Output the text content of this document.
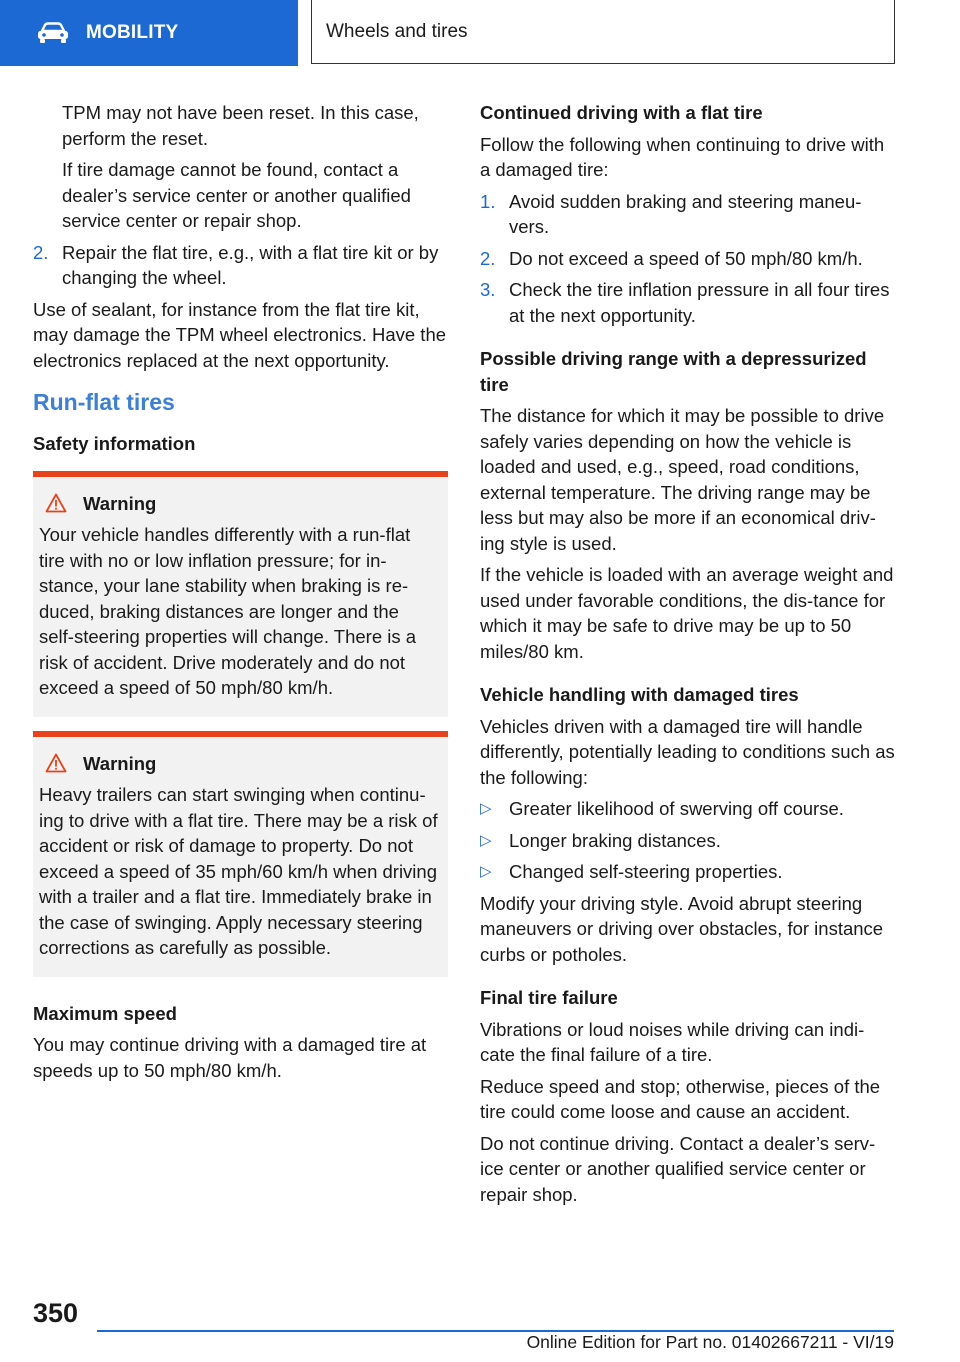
MOBILITY	Wheels and tires

TPM may not have been reset. In this case, perform the reset.

If tire damage cannot be found, contact a dealer’s service center or another qualified service center or repair shop.

2. Repair the flat tire, e.g., with a flat tire kit or by changing the wheel.

Use of sealant, for instance from the flat tire kit, may damage the TPM wheel electronics. Have the electronics replaced at the next opportunity.

Run-flat tires
Safety information
Warning

Your vehicle handles differently with a run-flat tire with no or low inflation pressure; for in-stance, your lane stability when braking is re-duced, braking distances are longer and the self-steering properties will change. There is a risk of accident. Drive moderately and do not exceed a speed of 50 mph/80 km/h.

Warning

Heavy trailers can start swinging when continu-ing to drive with a flat tire. There may be a risk of accident or risk of damage to property. Do not exceed a speed of 35 mph/60 km/h when driving with a trailer and a flat tire. Immediately brake in the case of swinging. Apply necessary steering corrections as carefully as possible.

Maximum speed

You may continue driving with a damaged tire at speeds up to 50 mph/80 km/h.

Continued driving with a flat tire

Follow the following when continuing to drive with a damaged tire:

1. Avoid sudden braking and steering maneu-vers.
2. Do not exceed a speed of 50 mph/80 km/h.
3. Check the tire inflation pressure in all four tires at the next opportunity.
Possible driving range with a depressurized tire

The distance for which it may be possible to drive safely varies depending on how the vehicle is loaded and used, e.g., speed, road conditions, external temperature. The driving range may be less but may also be more if an economical driv-ing style is used.

If the vehicle is loaded with an average weight and used under favorable conditions, the dis-tance for which it may be safe to drive may be up to 50 miles/80 km.

Vehicle handling with damaged tires

Vehicles driven with a damaged tire will handle differently, potentially leading to conditions such as the following:

▷ Greater likelihood of swerving off course.
▷ Longer braking distances.
▷ Changed self-steering properties.

Modify your driving style. Avoid abrupt steering maneuvers or driving over obstacles, for instance curbs or potholes.

Final tire failure

Vibrations or loud noises while driving can indi-cate the final failure of a tire.

Reduce speed and stop; otherwise, pieces of the tire could come loose and cause an accident.

Do not continue driving. Contact a dealer’s serv-ice center or another qualified service center or repair shop.

350
Online Edition for Part no. 01402667211 - VI/19
